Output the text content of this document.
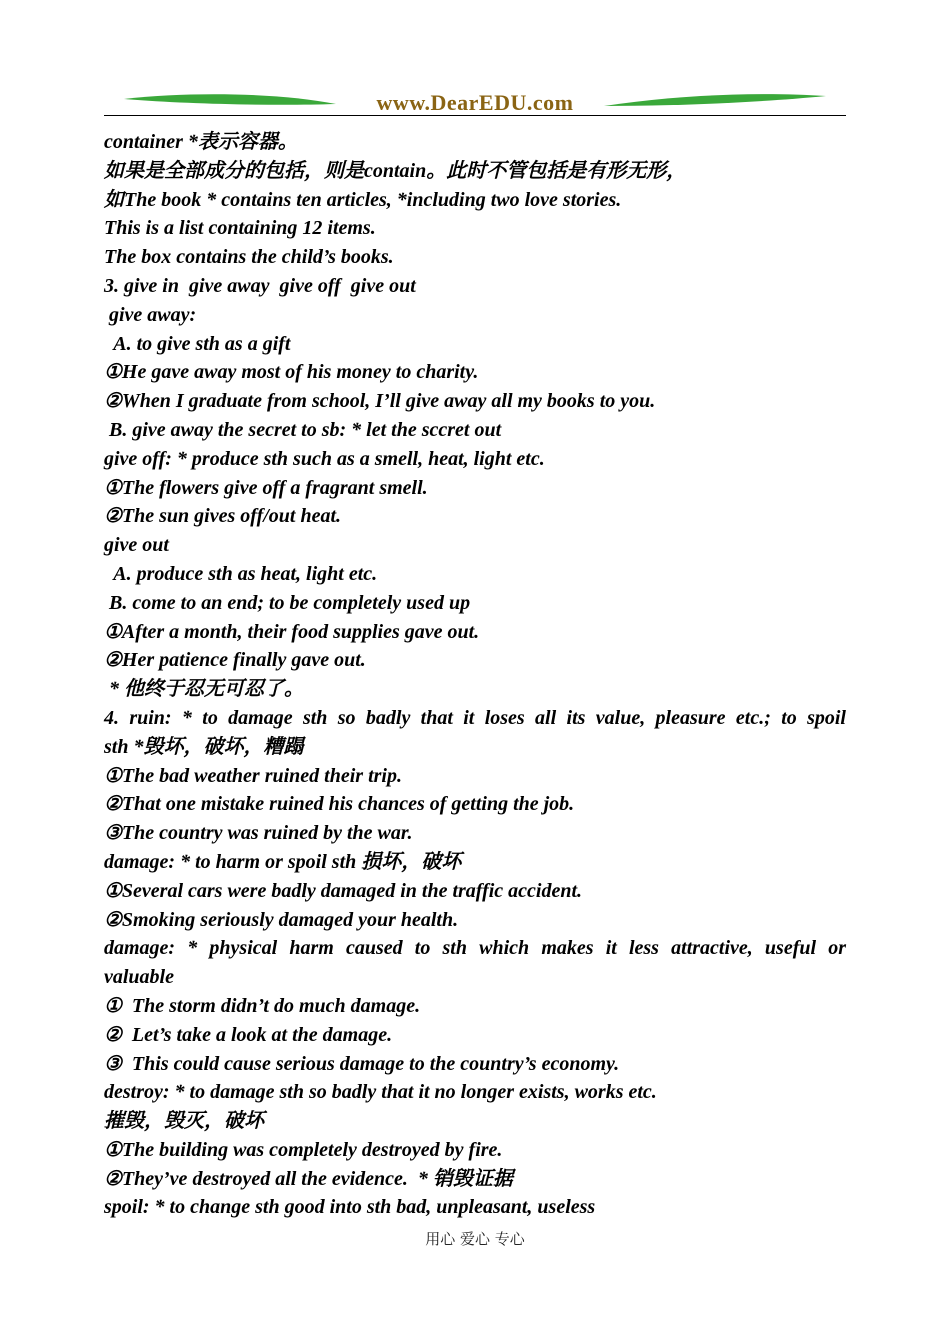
www.DearEDU.com
container *表示容器。
如果是全部成分的包括，则是contain。此时不管包括是有形无形，
如The book * contains ten articles, *including two love stories.
This is a list containing 12 items.
The box contains the child’s books.
3. give in  give away  give off  give out
give away:
A. to give sth as a gift
①He gave away most of his money to charity.
②When I graduate from school, I’ll give away all my books to you.
B. give away the secret to sb: * let the sccret out
give off: * produce sth such as a smell, heat, light etc.
①The flowers give off a fragrant smell.
②The sun gives off/out heat.
give out
A. produce sth as heat, light etc.
B. come to an end; to be completely used up
①After a month, their food supplies gave out.
②Her patience finally gave out.
* 他终于忍无可忍了。
4. ruin: * to damage sth so badly that it loses all its value, pleasure etc.; to spoil
sth *毁坏，破坏，糟蹋
①The bad weather ruined their trip.
②That one mistake ruined his chances of getting the job.
③The country was ruined by the war.
damage: * to harm or spoil sth 损坏，破坏
①Several cars were badly damaged in the traffic accident.
②Smoking seriously damaged your health.
damage: * physical harm caused to sth which makes it less attractive, useful or
valuable
①  The storm didn’t do much damage.
②  Let’s take a look at the damage.
③  This could cause serious damage to the country’s economy.
destroy: * to damage sth so badly that it no longer exists, works etc.
摧毁，毁灭，破坏
①The building was completely destroyed by fire.
②They’ve destroyed all the evidence.  * 销毁证据
spoil: * to change sth good into sth bad, unpleasant, useless
用心 爱心 专心
